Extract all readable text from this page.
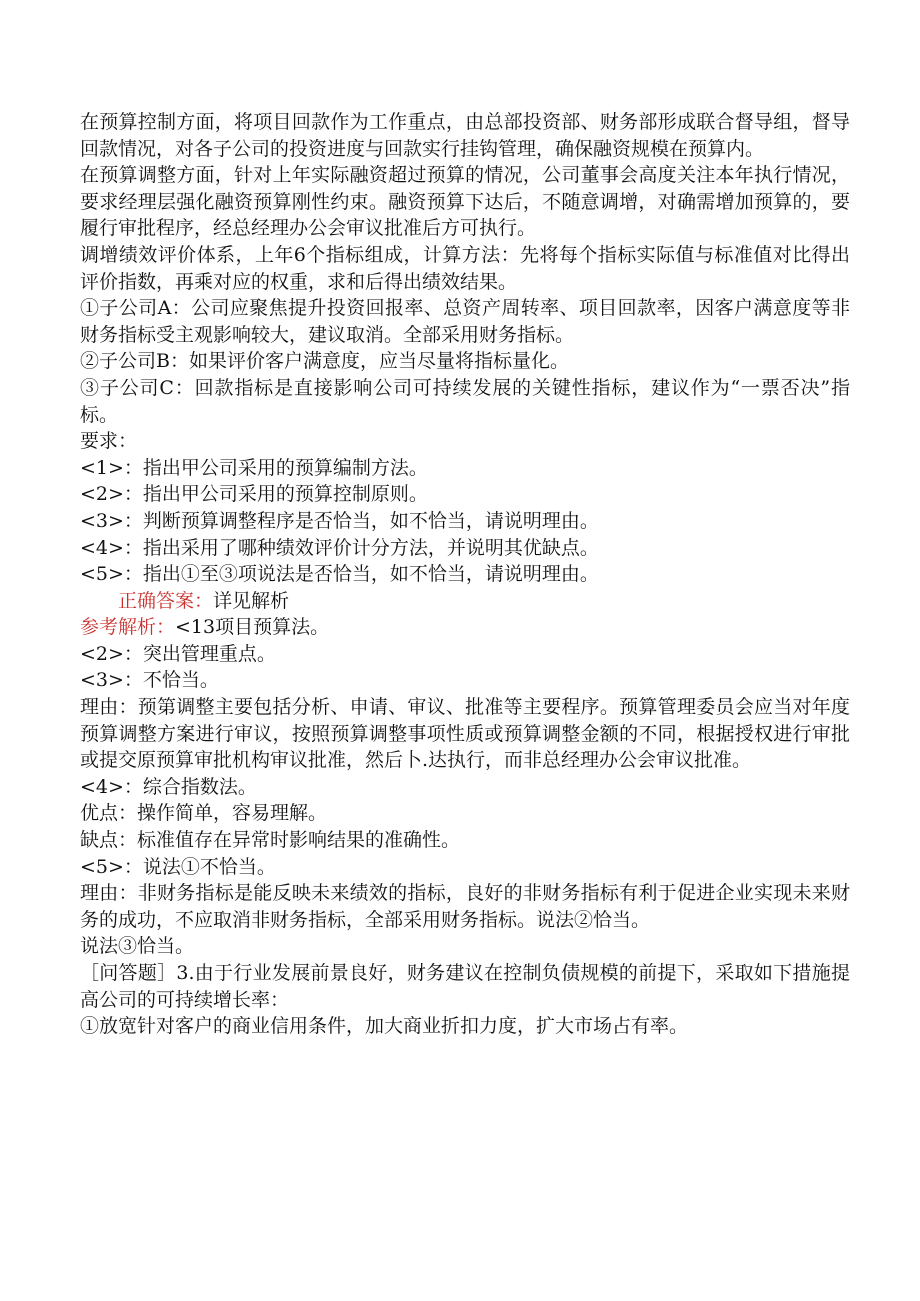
在预算控制方面，将项目回款作为工作重点，由总部投资部、财务部形成联合督导组，督导回款情况，对各子公司的投资进度与回款实行挂钩管理，确保融资规模在预算内。

在预算调整方面，针对上年实际融资超过预算的情况，公司董事会高度关注本年执行情况，要求经理层强化融资预算刚性约束。融资预算下达后，不随意调增，对确需增加预算的，要履行审批程序，经总经理办公会审议批准后方可执行。

调增绩效评价体系，上年6个指标组成，计算方法：先将每个指标实际值与标准值对比得出评价指数，再乘对应的权重，求和后得出绩效结果。

①子公司A：公司应聚焦提升投资回报率、总资产周转率、项目回款率，因客户满意度等非财务指标受主观影响较大，建议取消。全部采用财务指标。

②子公司B：如果评价客户满意度，应当尽量将指标量化。

③子公司C：回款指标是直接影响公司可持续发展的关键性指标，建议作为“一票否决”指标。

要求：

<1>：指出甲公司采用的预算编制方法。

<2>：指出甲公司采用的预算控制原则。

<3>：判断预算调整程序是否恰当，如不恰当，请说明理由。

<4>：指出采用了哪种绩效评价计分方法，并说明其优缺点。

<5>：指出①至③项说法是否恰当，如不恰当，请说明理由。

正确答案：详见解析

参考解析：<13项目预算法。

<2>：突出管理重点。

<3>：不恰当。

理由：预第调整主要包括分析、申请、审议、批准等主要程序。预算管理委员会应当对年度预算调整方案进行审议，按照预算调整事项性质或预算调整金额的不同，根据授权进行审批或提交原预算审批机构审议批准，然后卜.达执行，而非总经理办公会审议批准。

<4>：综合指数法。

优点：操作简单，容易理解。

缺点：标准值存在异常时影响结果的准确性。

<5>：说法①不恰当。

理由：非财务指标是能反映未来绩效的指标，良好的非财务指标有利于促进企业实现未来财务的成功，不应取消非财务指标，全部采用财务指标。说法②恰当。

说法③恰当。

［问答题］3.由于行业发展前景良好，财务建议在控制负债规模的前提下，采取如下措施提高公司的可持续增长率：

①放宽针对客户的商业信用条件，加大商业折扣力度，扩大市场占有率。
